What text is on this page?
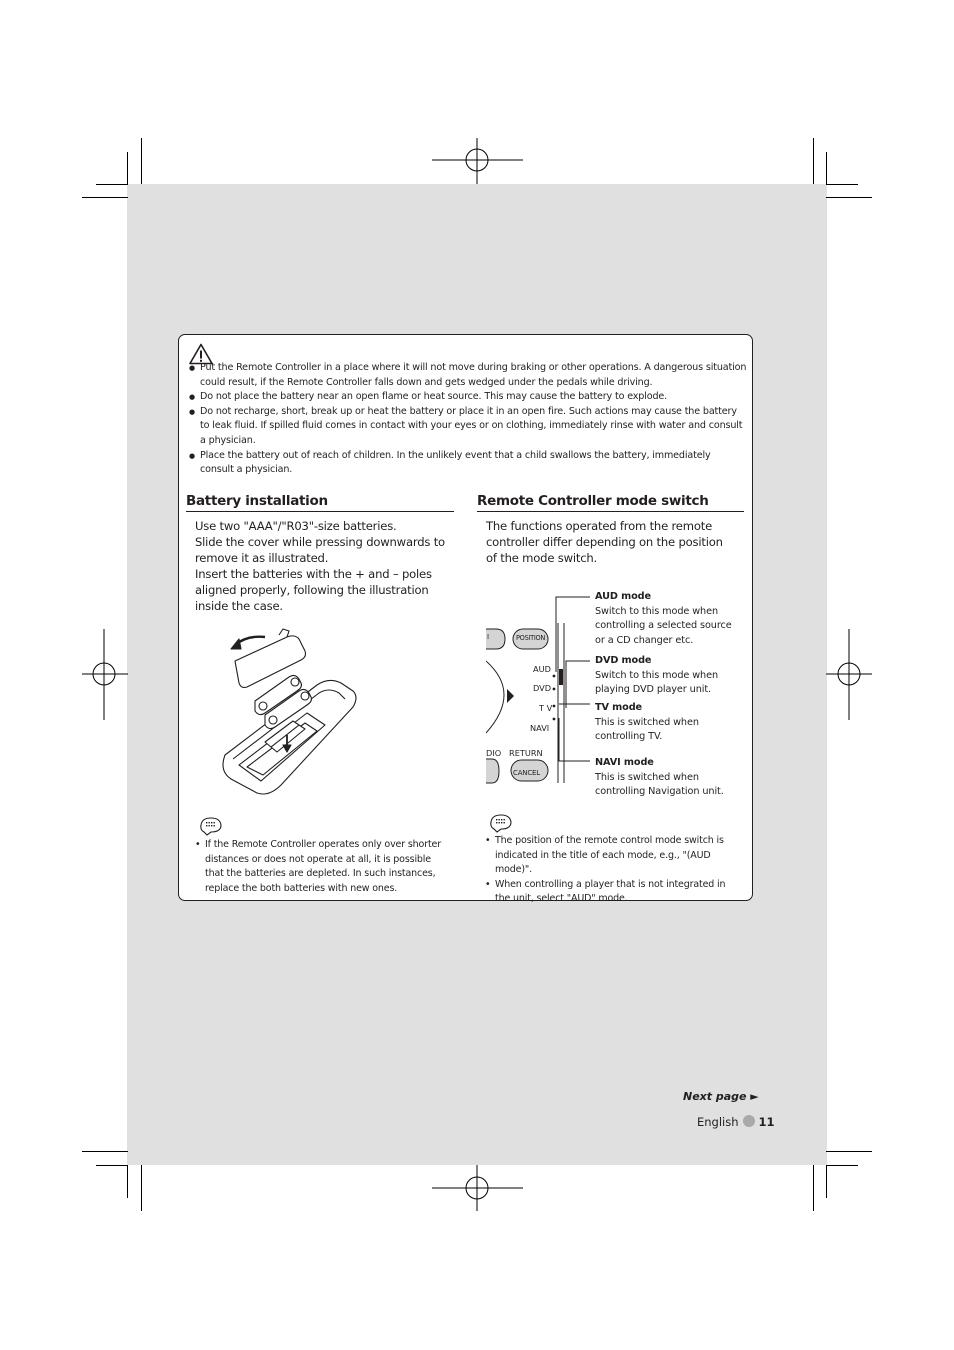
● Put the Remote Controller in a place where it will not move during braking or other operations. A dangerous situation could result, if the Remote Controller falls down and gets wedged under the pedals while driving.
● Do not place the battery near an open flame or heat source. This may cause the battery to explode.
● Do not recharge, short, break up or heat the battery or place it in an open fire. Such actions may cause the battery to leak fluid. If spilled fluid comes in contact with your eyes or on clothing, immediately rinse with water and consult a physician.
● Place the battery out of reach of children. In the unlikely event that a child swallows the battery, immediately consult a physician.
Battery installation

Use two "AAA"/"R03"-size batteries.

Slide the cover while pressing downwards to remove it as illustrated.

Insert the batteries with the + and – poles aligned properly, following the illustration inside the case.

• If the Remote Controller operates only over shorter distances or does not operate at all, it is possible that the batteries are depleted. In such instances, replace the both batteries with new ones.
Remote Controller mode switch
The functions operated from the remote controller differ depending on the position of the mode switch.
I	POSITION
AUD
DVD
T V
NAVI
DIO RETURN
CANCEL
AUD mode
Switch to this mode when controlling a selected source or a CD changer etc.
DVD mode
Switch to this mode when playing DVD player unit.
TV mode
This is switched when controlling TV.
NAVI mode
This is switched when controlling Navigation unit.
• The position of the remote control mode switch is indicated in the title of each mode, e.g., "(AUD mode)".
• When controlling a player that is not integrated in the unit, select "AUD" mode.
Next page ►
English 11
